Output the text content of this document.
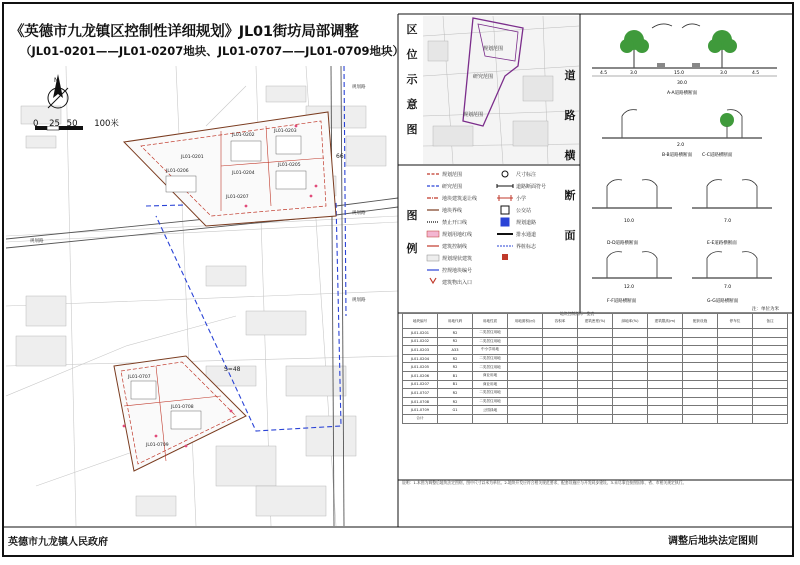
《英德市九龙镇区控制性详细规划》JL01街坊局部调整
（JL01-0201——JL01-0207地块、JL01-0707——JL01-0709地块）
规划路
规划路
规划路
规划路
JL01-0201
JL01-0202
JL01-0203
JL01-0204
JL01-0205
JL01-0206
JL01-0207
JL01-0707
JL01-0708
JL01-0709
66
S=48
N
0 25 50 100米
区
位
示
意
图
规划范围
研究范围
规划范围
图
例
规划范围
研究范围
地块建筑退让线
地块界线
禁止开口线
规划用地红线
建筑控制线
规划现状建筑
控规地块编号
建筑物出入口
尺寸标注
道路断面符号
小学
公交站
规划道路
排水通道
界桩标志
道
路
横
断
面
4.5	3.0	15.0	3.0	4.5
30.0
A-A道路横断面
2.0
B-B道路横断面 C-C道路横断面
10.0
D-D道路横断面
7.0
E-E道路横断面
12.0
F-F道路横断面
7.0
G-G道路横断面
注：单位为米
地块控制指标一览表
地块编号	用地代码	用地性质	用地面积(㎡)	容积率	建筑密度(%)	绿地率(%)	建筑限高(m)	配套设施	停车位	备注
JL01-0201	R2	二类居住用地								
JL01-0202	R2	二类居住用地								
JL01-0203	A33	中小学用地								
JL01-0204	R2	二类居住用地								
JL01-0205	R2	二类居住用地								
JL01-0206	B1	商业用地								
JL01-0207	B1	商业用地								
JL01-0707	R2	二类居住用地								
JL01-0708	R2	二类居住用地								
JL01-0709	G1	公园绿地								
合计										
说明：1.本图为调整后地块法定图则，图中尺寸以米为单位。2.地块开发应符合相关规范要求，配套设施应与开发同步建设。3.未尽事宜按照国家、省、市相关规定执行。
英德市九龙镇人民政府	调整后地块法定图则
